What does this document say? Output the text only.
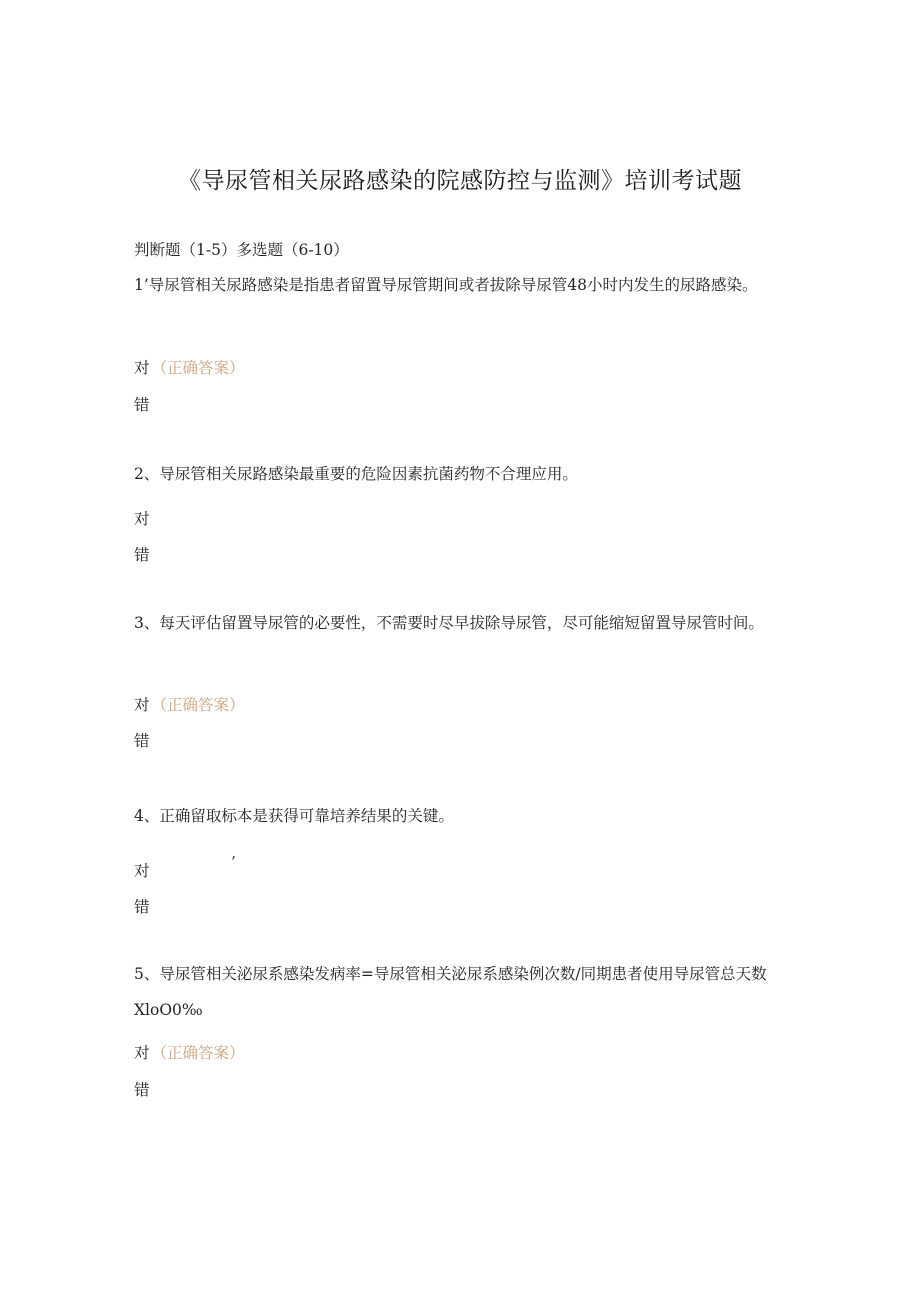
《导尿管相关尿路感染的院感防控与监测》培训考试题
判断题（1-5）多选题（6-10）
1’导尿管相关尿路感染是指患者留置导尿管期间或者拔除导尿管48小时内发生的尿路感染。
对 （正确答案）
错
2、导尿管相关尿路感染最重要的危险因素抗菌药物不合理应用。
对
错
3、每天评估留置导尿管的必要性，不需要时尽早拔除导尿管，尽可能缩短留置导尿管时间。
对 （正确答案）
错
4、正确留取标本是获得可靠培养结果的关键。
对	’
错
5、导尿管相关泌尿系感染发病率=导尿管相关泌尿系感染例次数/同期患者使用导尿管总天数XloO0‰
对 （正确答案）
错
